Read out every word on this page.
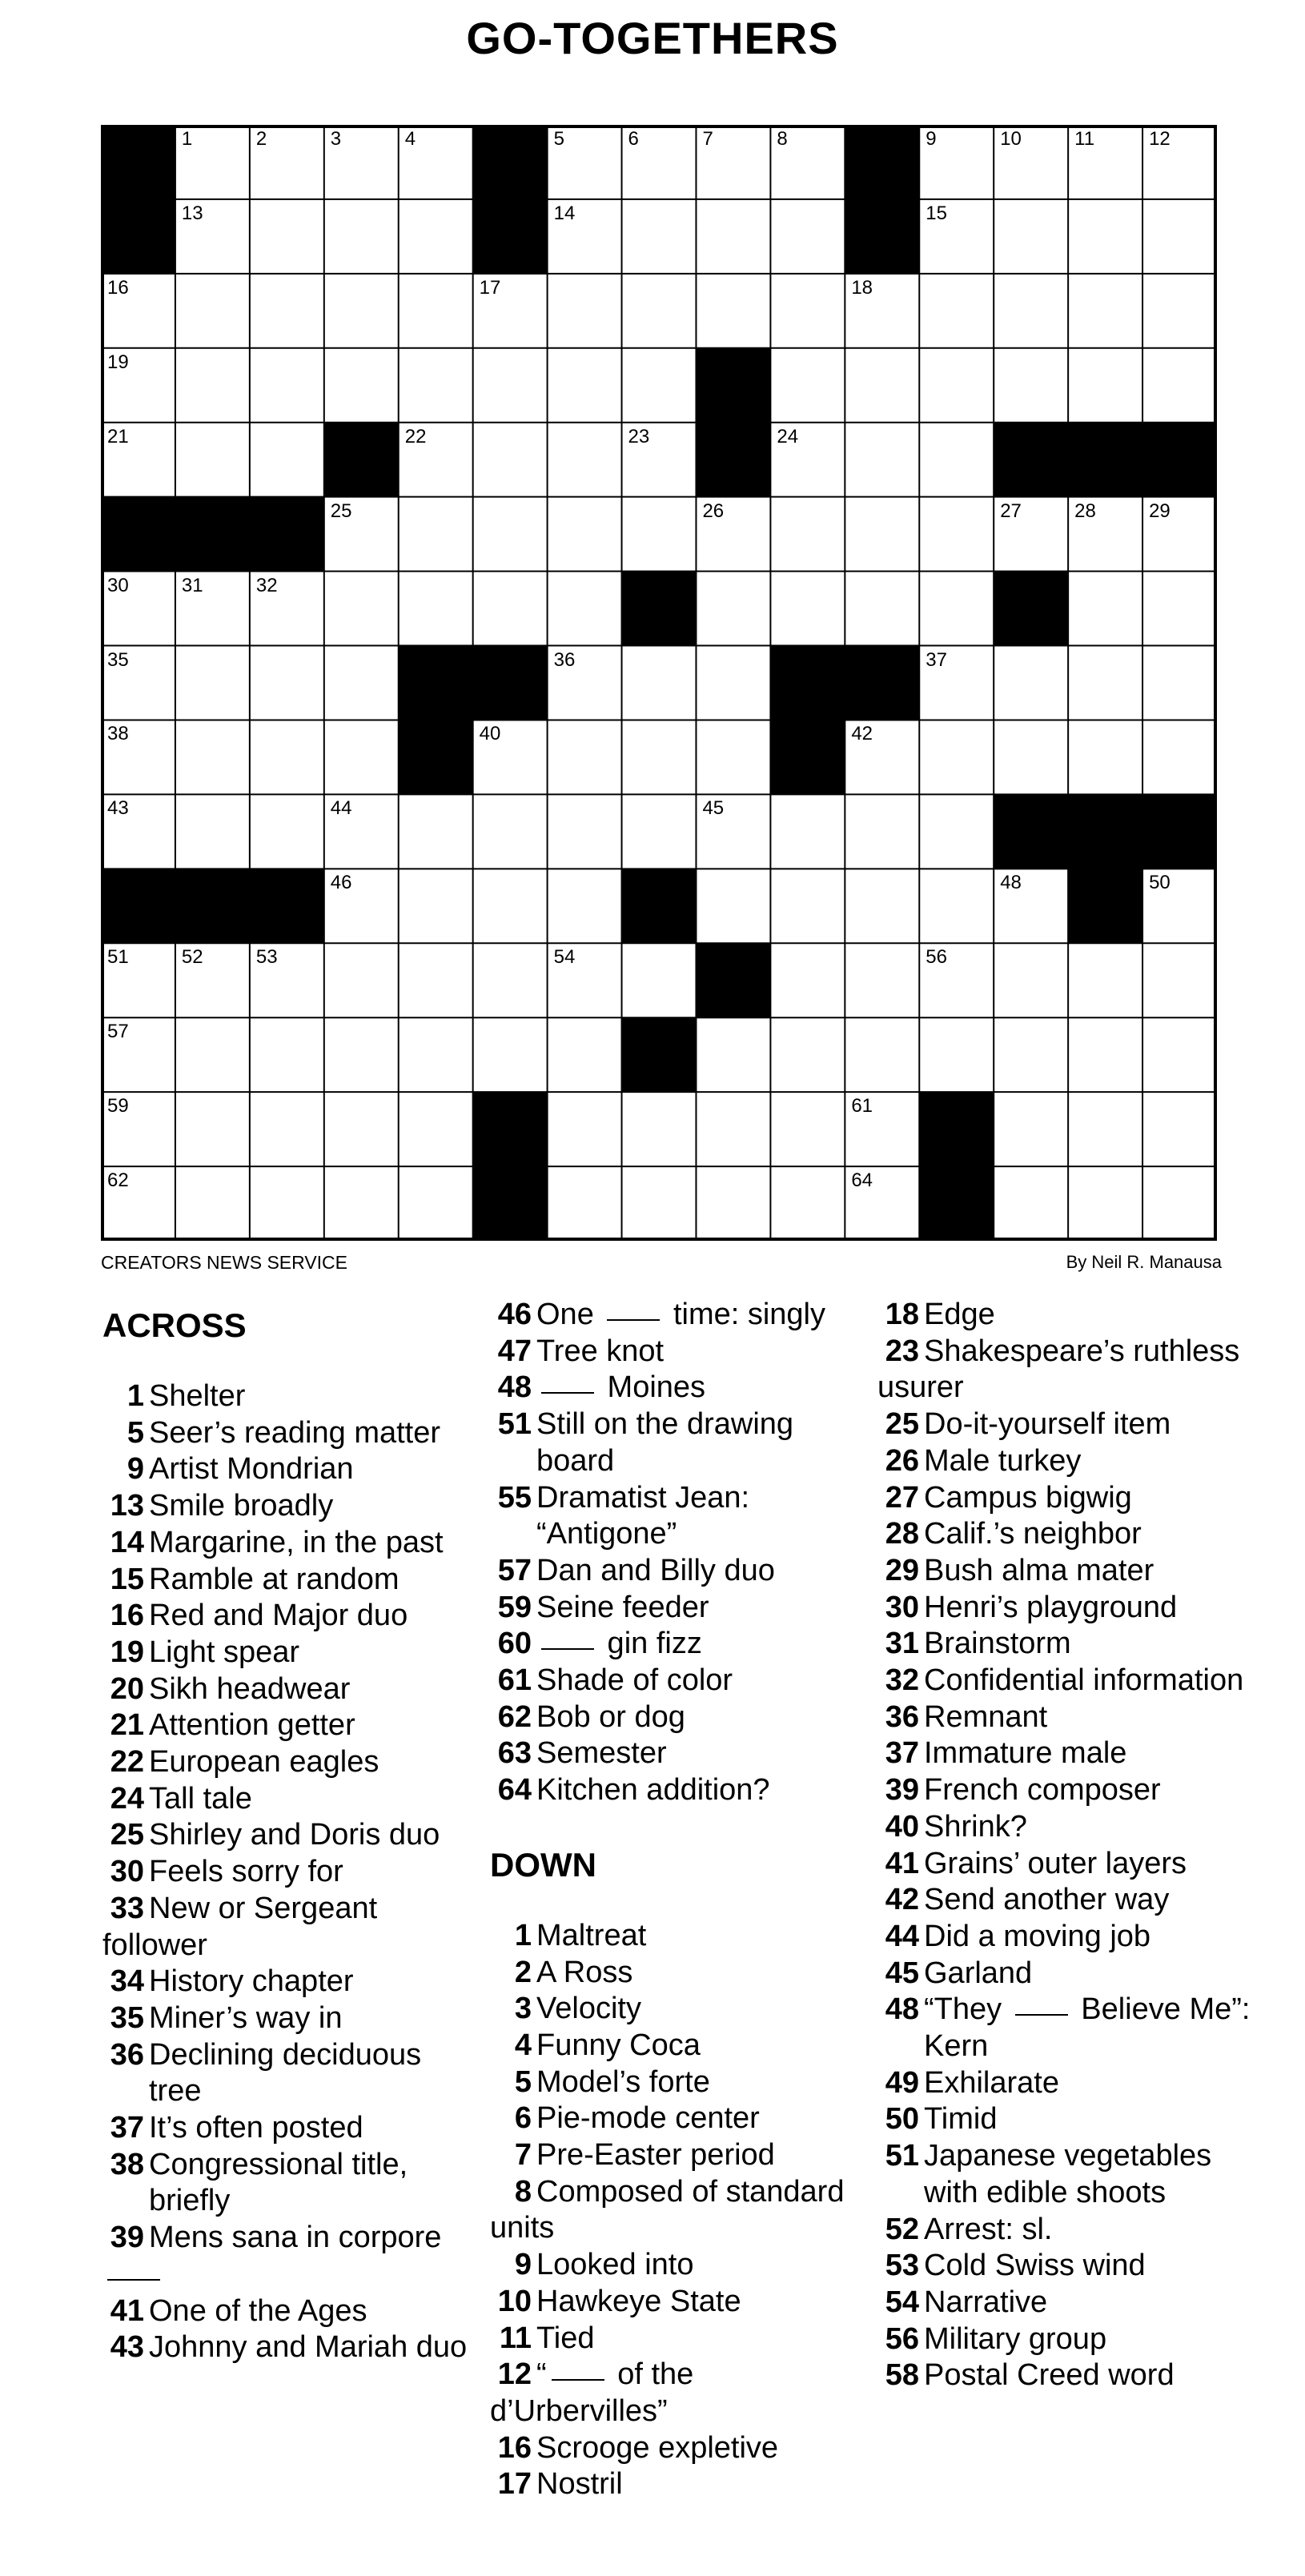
GO-TOGETHERS
1	2	3	4	5	6	7	8	9	10	11	12
13	14	15
16	17	18
19
21	22	23	24
25	26	27	28	29
30	31	32
35	36	37
38	40	42
43	44	45
46	48	50
51	52	53	54	56
57
59	61
62	64
CREATORS NEWS SERVICE	By Neil R. Manausa
ACROSS
1 Shelter
5 Seer’s reading matter
9 Artist Mondrian
13 Smile broadly
14 Margarine, in the past
15 Ramble at random
16 Red and Major duo
19 Light spear
20 Sikh headwear
21 Attention getter
22 European eagles
24 Tall tale
25 Shirley and Doris duo
30 Feels sorry for
33 New or Sergeant follower
34 History chapter
35 Miner’s way in
36 Declining deciduous tree
37 It’s often posted
38 Congressional title, briefly
39 Mens sana in corpore
41 One of the Ages
43 Johnny and Mariah duo
46 One  time: singly
47 Tree knot
48 Moines
51 Still on the drawing board
55 Dramatist Jean: “Antigone”
57 Dan and Billy duo
59 Seine feeder
60 gin fizz
61 Shade of color
62 Bob or dog
63 Semester
64 Kitchen addition?
DOWN
1 Maltreat
2 A Ross
3 Velocity
4 Funny Coca
5 Model’s forte
6 Pie-mode center
7 Pre-Easter period
8 Composed of standard units
9 Looked into
10 Hawkeye State
11 Tied
12 “ of the d’Urbervilles”
16 Scrooge expletive
17 Nostril
18 Edge
23 Shakespeare’s ruthless usurer
25 Do-it-yourself item
26 Male turkey
27 Campus bigwig
28 Calif.’s neighbor
29 Bush alma mater
30 Henri’s playground
31 Brainstorm
32 Confidential information
36 Remnant
37 Immature male
39 French composer
40 Shrink?
41 Grains’ outer layers
42 Send another way
44 Did a moving job
45 Garland
48 “They  Believe Me”: Kern
49 Exhilarate
50 Timid
51 Japanese vegetables with edible shoots
52 Arrest: sl.
53 Cold Swiss wind
54 Narrative
56 Military group
58 Postal Creed word
